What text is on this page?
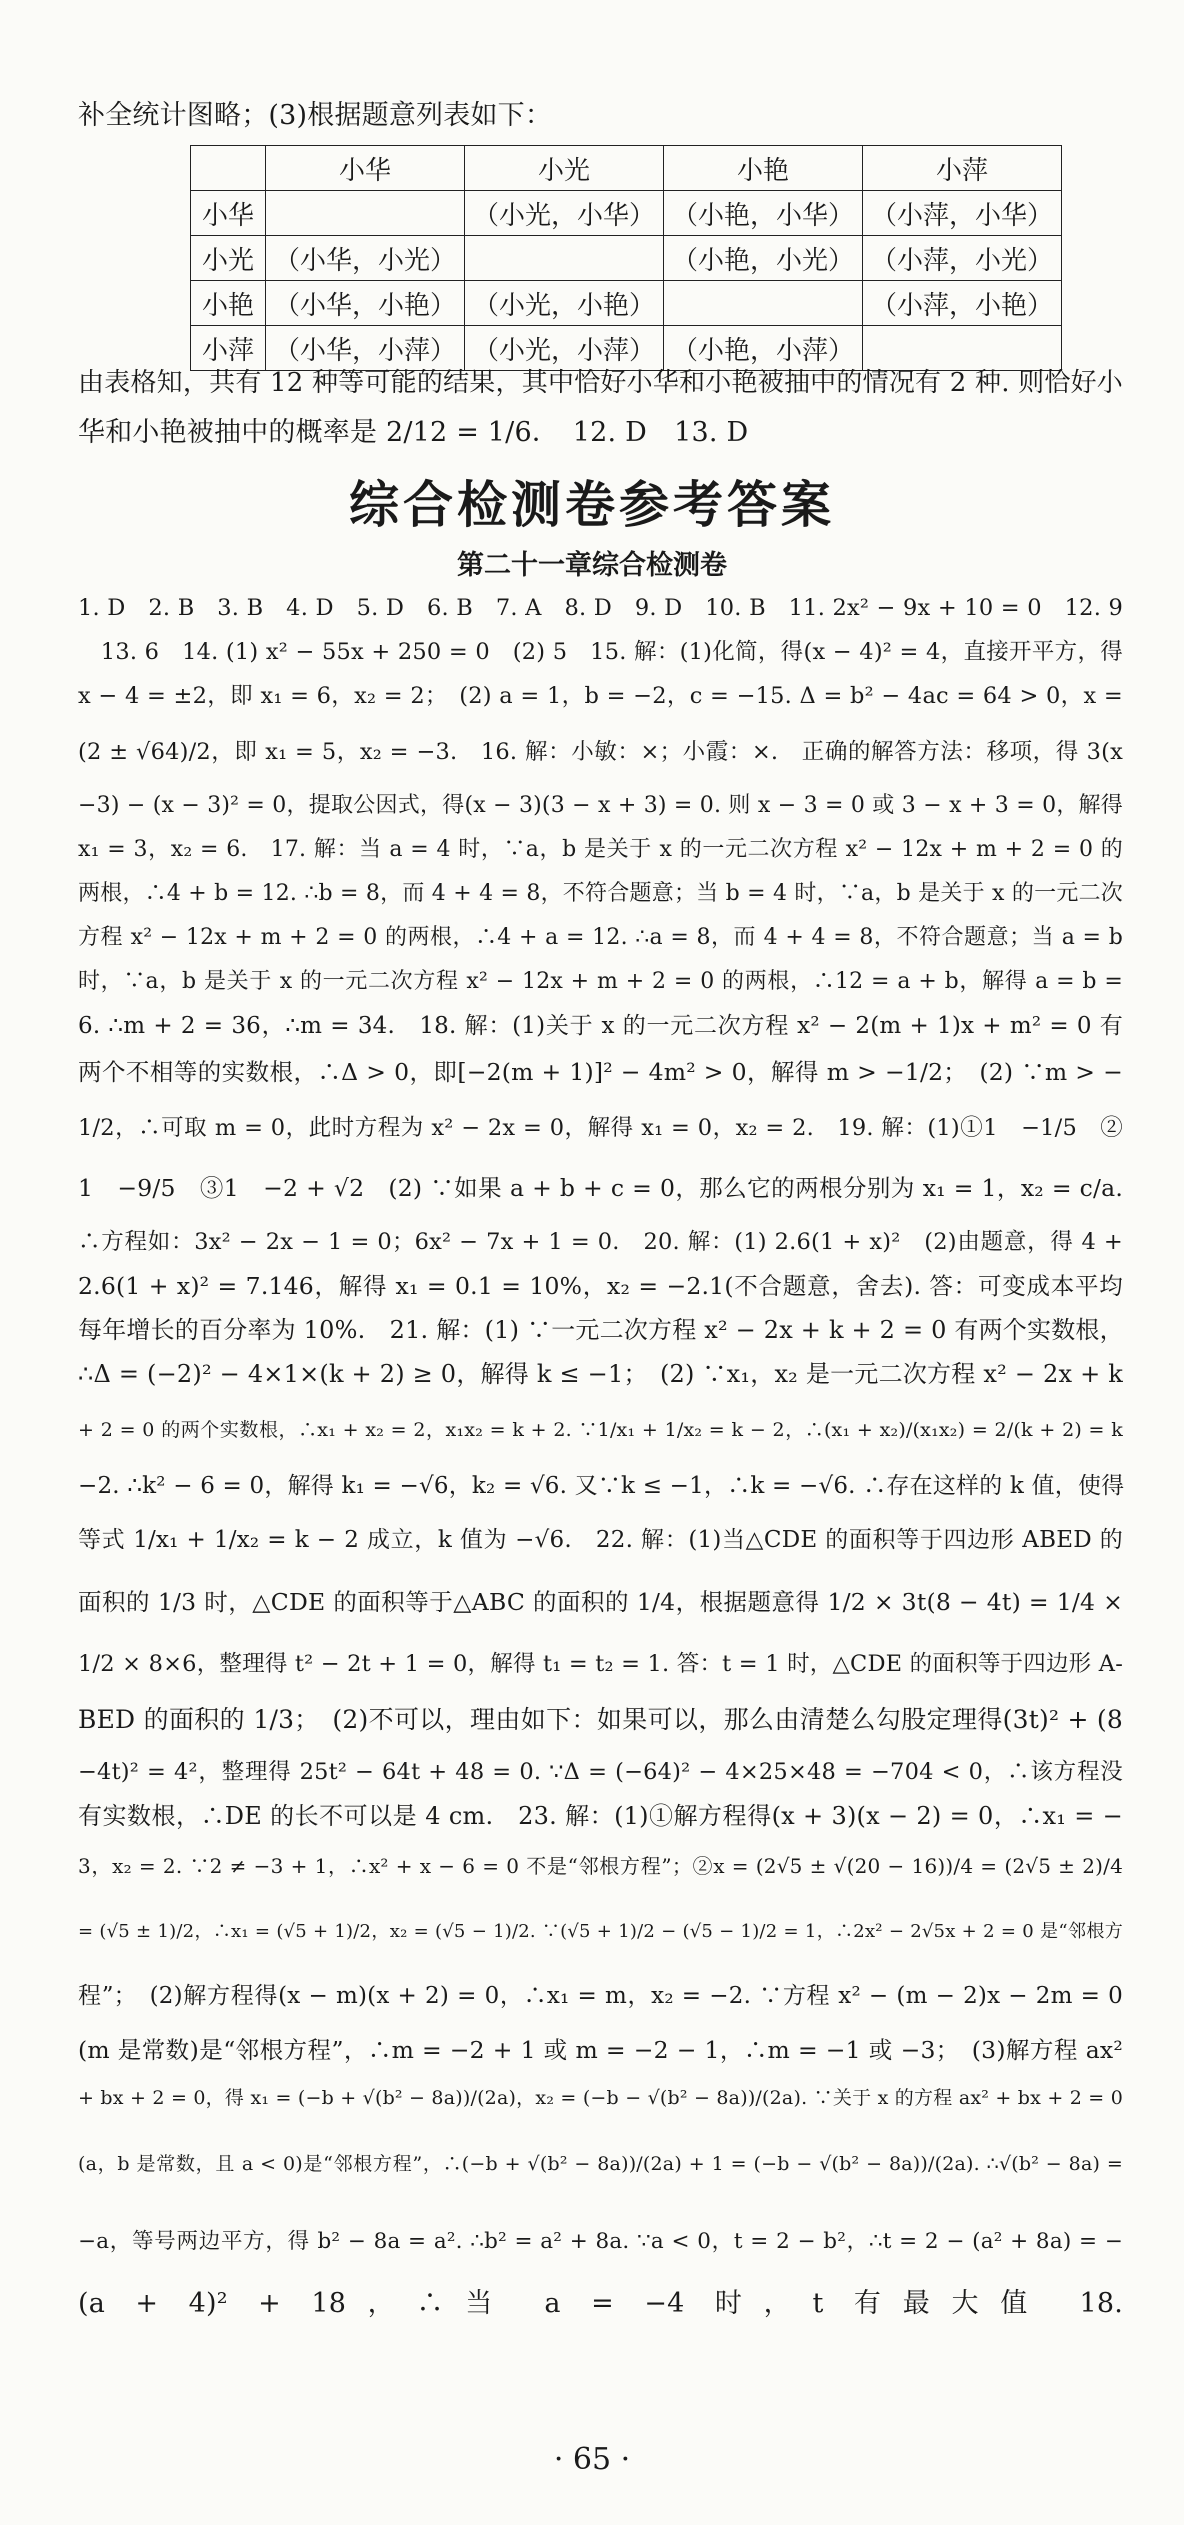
补全统计图略；(3)根据题意列表如下：
	小华	小光	小艳	小萍
小华		（小光，小华）	（小艳，小华）	（小萍，小华）
小光	（小华，小光）		（小艳，小光）	（小萍，小光）
小艳	（小华，小艳）	（小光，小艳）		（小萍，小艳）
小萍	（小华，小萍）	（小光，小萍）	（小艳，小萍）	
由表格知，共有 12 种等可能的结果，其中恰好小华和小艳被抽中的情况有 2 种. 则恰好小
华和小艳被抽中的概率是 2/12 = 1/6．　12. D　13. D
综合检测卷参考答案
第二十一章综合检测卷
1. D　2. B　3. B　4. D　5. D　6. B　7. A　8. D　9. D　10. B　11. 2x² − 9x + 10 = 0　12. 9
　13. 6　14. (1) x² − 55x + 250 = 0　(2) 5　15. 解：(1)化简，得(x − 4)² = 4，直接开平方，得
x − 4 = ±2，即 x₁ = 6，x₂ = 2；　(2) a = 1，b = −2，c = −15. Δ = b² − 4ac = 64 > 0，x =
(2 ± √64)/2，即 x₁ = 5，x₂ = −3.　16. 解：小敏：×；小霞：×.　正确的解答方法：移项，得 3(x
−3) − (x − 3)² = 0，提取公因式，得(x − 3)(3 − x + 3) = 0. 则 x − 3 = 0 或 3 − x + 3 = 0，解得
x₁ = 3，x₂ = 6.　17. 解：当 a = 4 时，∵a，b 是关于 x 的一元二次方程 x² − 12x + m + 2 = 0 的
两根，∴4 + b = 12. ∴b = 8，而 4 + 4 = 8，不符合题意；当 b = 4 时，∵a，b 是关于 x 的一元二次
方程 x² − 12x + m + 2 = 0 的两根，∴4 + a = 12. ∴a = 8，而 4 + 4 = 8，不符合题意；当 a = b
时，∵a，b 是关于 x 的一元二次方程 x² − 12x + m + 2 = 0 的两根，∴12 = a + b，解得 a = b =
6. ∴m + 2 = 36，∴m = 34.　18. 解：(1)关于 x 的一元二次方程 x² − 2(m + 1)x + m² = 0 有
两个不相等的实数根，∴Δ > 0，即[−2(m + 1)]² − 4m² > 0，解得 m > −1/2；　(2) ∵m > −
1/2，∴可取 m = 0，此时方程为 x² − 2x = 0，解得 x₁ = 0，x₂ = 2.　19. 解：(1)①1　−1/5　②
1　−9/5　③1　−2 + √2　(2) ∵如果 a + b + c = 0，那么它的两根分别为 x₁ = 1，x₂ = c/a.
∴方程如：3x² − 2x − 1 = 0；6x² − 7x + 1 = 0.　20. 解：(1) 2.6(1 + x)²　(2)由题意，得 4 +
2.6(1 + x)² = 7.146，解得 x₁ = 0.1 = 10%，x₂ = −2.1(不合题意，舍去). 答：可变成本平均
每年增长的百分率为 10%.　21. 解：(1) ∵一元二次方程 x² − 2x + k + 2 = 0 有两个实数根，
∴Δ = (−2)² − 4×1×(k + 2) ≥ 0，解得 k ≤ −1；　(2) ∵x₁，x₂ 是一元二次方程 x² − 2x + k
+ 2 = 0 的两个实数根，∴x₁ + x₂ = 2，x₁x₂ = k + 2. ∵1/x₁ + 1/x₂ = k − 2，∴(x₁ + x₂)/(x₁x₂) = 2/(k + 2) = k
−2. ∴k² − 6 = 0，解得 k₁ = −√6，k₂ = √6. 又∵k ≤ −1，∴k = −√6. ∴存在这样的 k 值，使得
等式 1/x₁ + 1/x₂ = k − 2 成立，k 值为 −√6.　22. 解：(1)当△CDE 的面积等于四边形 ABED 的
面积的 1/3 时，△CDE 的面积等于△ABC 的面积的 1/4，根据题意得 1/2 × 3t(8 − 4t) = 1/4 ×
1/2 × 8×6，整理得 t² − 2t + 1 = 0，解得 t₁ = t₂ = 1. 答：t = 1 时，△CDE 的面积等于四边形 A-
BED 的面积的 1/3；　(2)不可以，理由如下：如果可以，那么由清楚么勾股定理得(3t)² + (8
−4t)² = 4²，整理得 25t² − 64t + 48 = 0. ∵Δ = (−64)² − 4×25×48 = −704 < 0，∴该方程没
有实数根，∴DE 的长不可以是 4 cm.　23. 解：(1)①解方程得(x + 3)(x − 2) = 0，∴x₁ = −
3，x₂ = 2. ∵2 ≠ −3 + 1，∴x² + x − 6 = 0 不是“邻根方程”；②x = (2√5 ± √(20 − 16))/4 = (2√5 ± 2)/4
= (√5 ± 1)/2，∴x₁ = (√5 + 1)/2，x₂ = (√5 − 1)/2. ∵(√5 + 1)/2 − (√5 − 1)/2 = 1，∴2x² − 2√5x + 2 = 0 是“邻根方
程”；　(2)解方程得(x − m)(x + 2) = 0，∴x₁ = m，x₂ = −2. ∵方程 x² − (m − 2)x − 2m = 0
(m 是常数)是“邻根方程”，∴m = −2 + 1 或 m = −2 − 1，∴m = −1 或 −3；　(3)解方程 ax²
+ bx + 2 = 0，得 x₁ = (−b + √(b² − 8a))/(2a)，x₂ = (−b − √(b² − 8a))/(2a). ∵关于 x 的方程 ax² + bx + 2 = 0
(a，b 是常数，且 a < 0)是“邻根方程”，∴(−b + √(b² − 8a))/(2a) + 1 = (−b − √(b² − 8a))/(2a). ∴√(b² − 8a) =
−a，等号两边平方，得 b² − 8a = a². ∴b² = a² + 8a. ∵a < 0，t = 2 − b²，∴t = 2 − (a² + 8a) = −
(a + 4)² + 18，∴当 a = −4 时，t 有最大值 18.
· 65 ·
